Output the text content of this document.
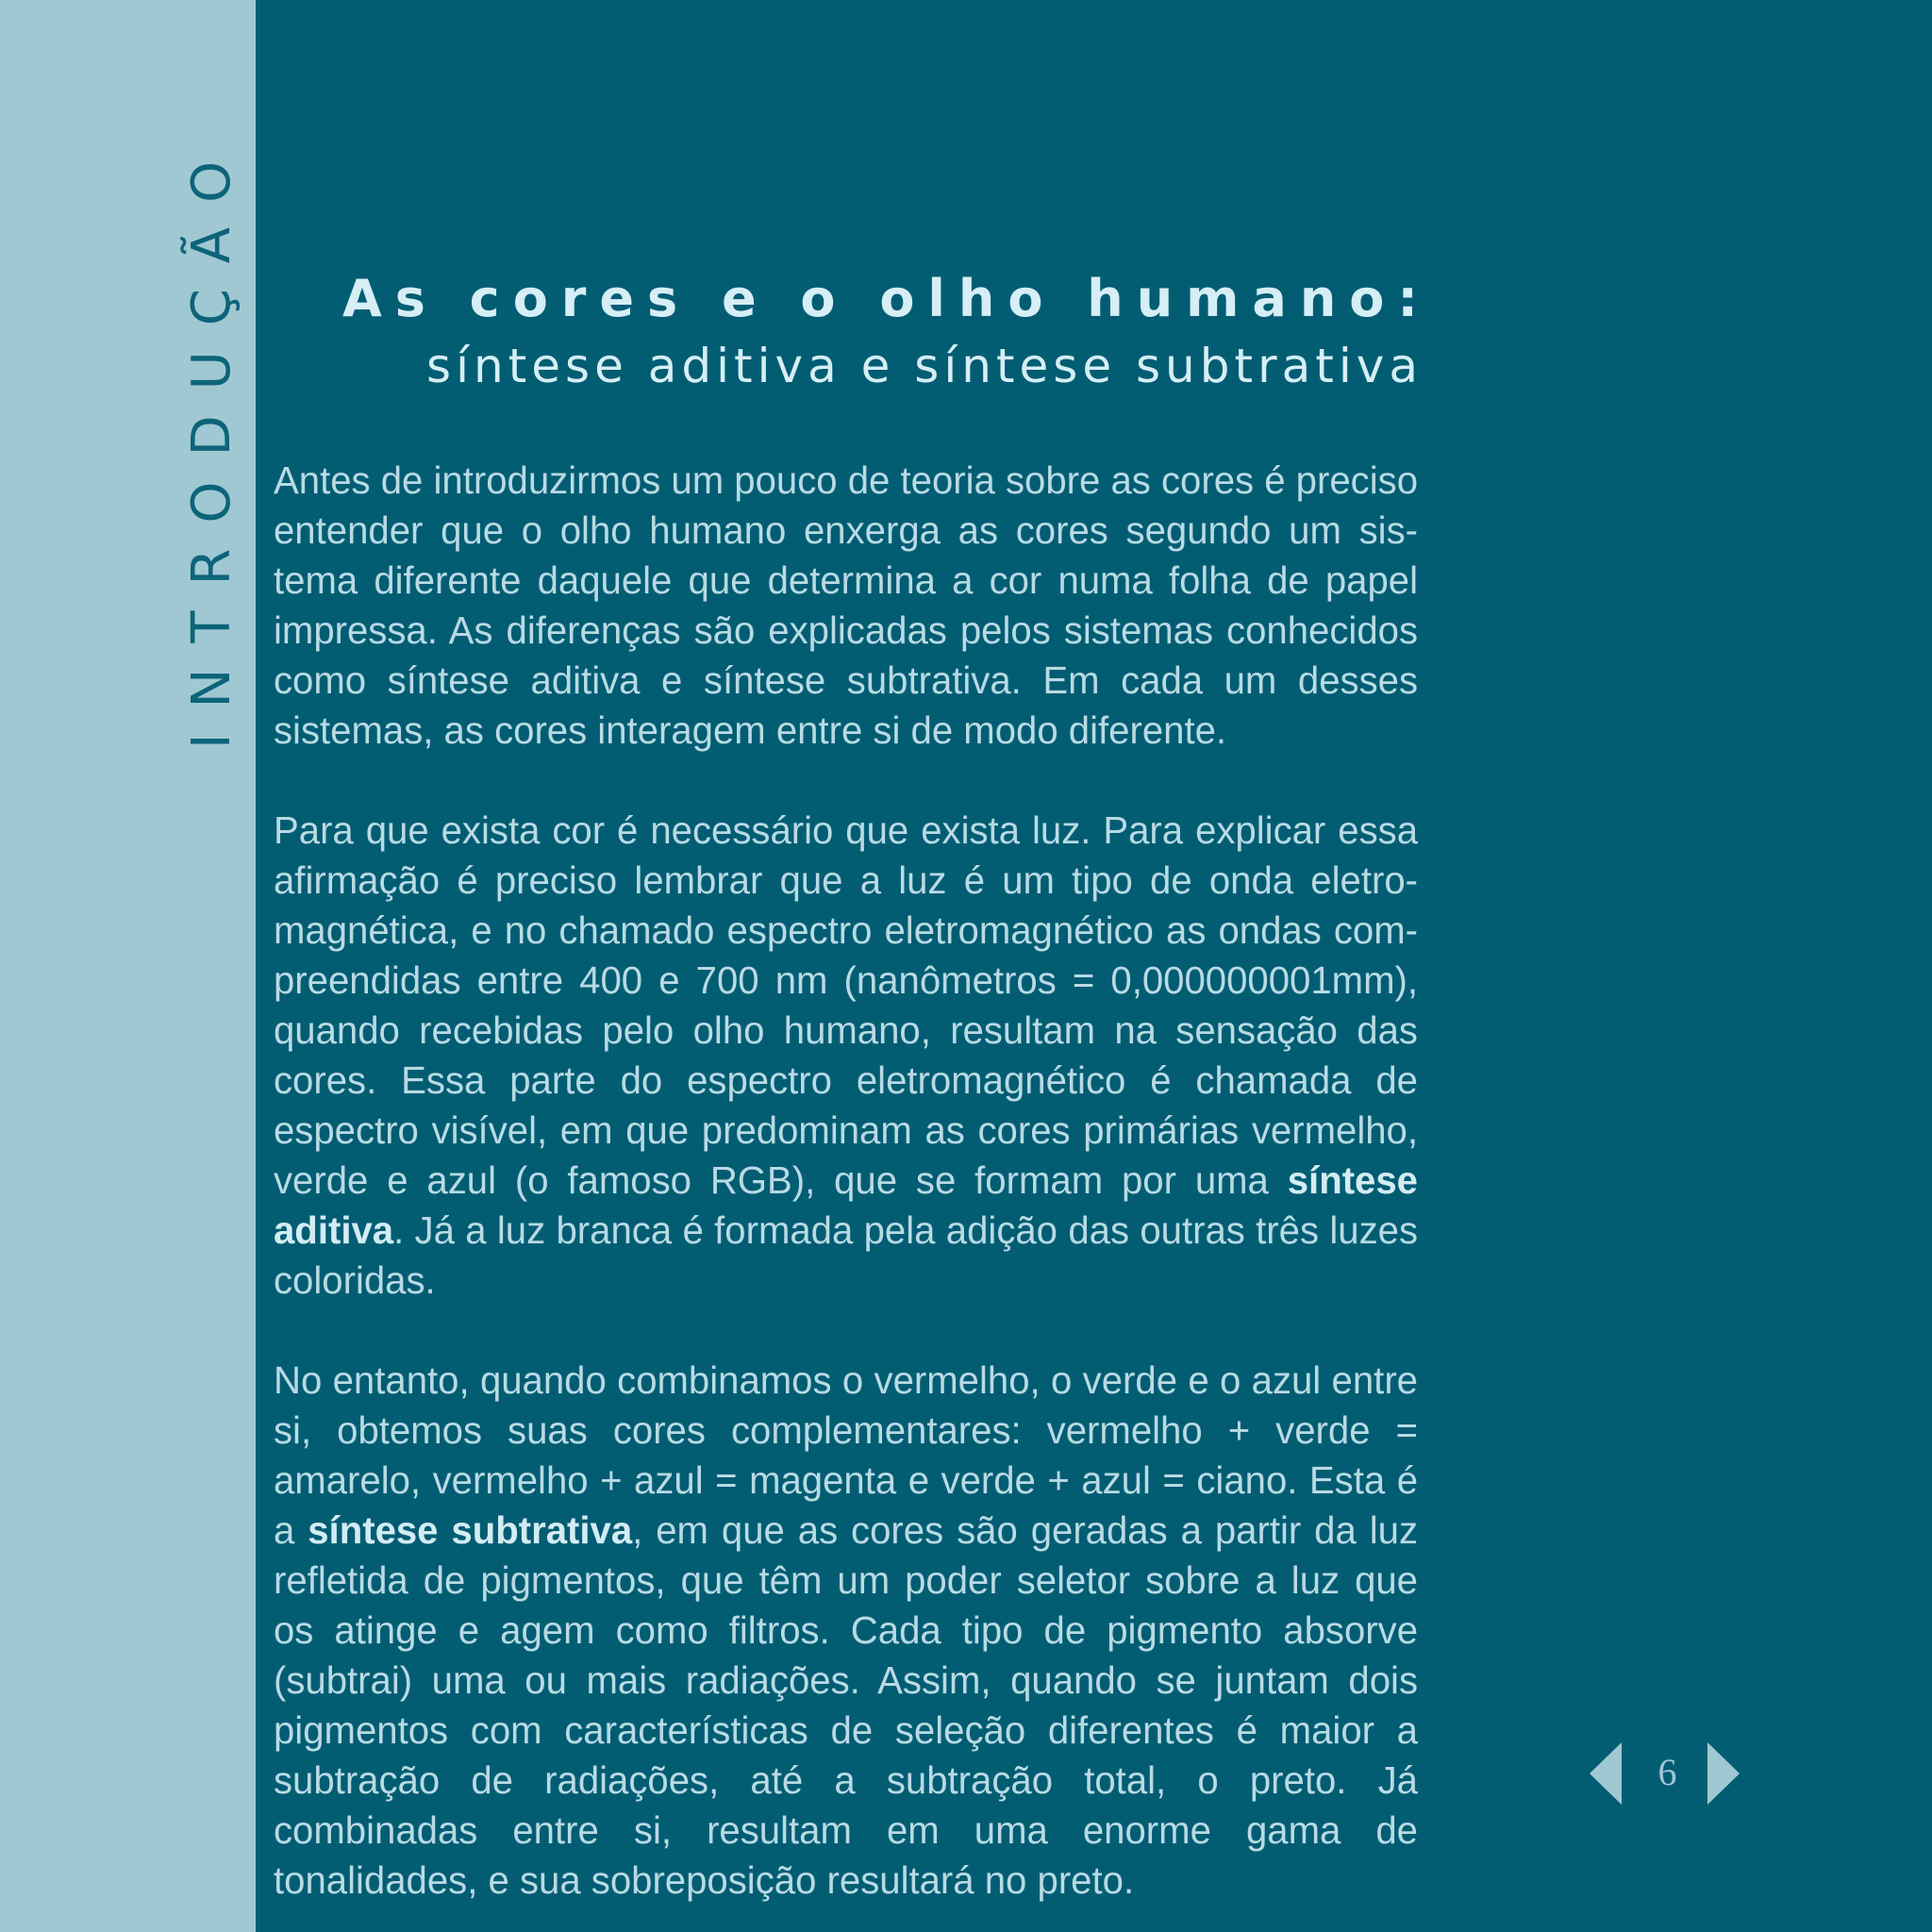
INTRODUÇÃO As cores e o olho humano:
síntese aditiva e síntese subtrativa

Antes de introduzirmos um pouco de teoria sobre as cores é preciso entender que o olho humano enxerga as cores segundo um sistema diferente daquele que determina a cor numa folha de papel impressa. As diferenças são explicadas pelos sistemas conhecidos como síntese aditiva e síntese subtrativa. Em cada um desses sistemas, as cores interagem entre si de modo diferente.

Para que exista cor é necessário que exista luz. Para explicar essa afirmação é preciso lembrar que a luz é um tipo de onda eletromagnética, e no chamado espectro eletromagnético as ondas compreendidas entre 400 e 700 nm (nanômetros = 0,000000001mm), quando recebidas pelo olho humano, resultam na sensação das cores. Essa parte do espectro eletromagnético é chamada de espectro visível, em que predominam as cores primárias vermelho, verde e azul (o famoso RGB), que se formam por uma síntese aditiva. Já a luz branca é formada pela adição das outras três luzes coloridas.

No entanto, quando combinamos o vermelho, o verde e o azul entre si, obtemos suas cores complementares: vermelho + verde = amarelo, vermelho + azul = magenta e verde + azul = ciano. Esta é a síntese subtrativa, em que as cores são geradas a partir da luz refletida de pigmentos, que têm um poder seletor sobre a luz que os atinge e agem como filtros. Cada tipo de pigmento absorve (subtrai) uma ou mais radiações. Assim, quando se juntam dois pigmentos com características de seleção diferentes é maior a subtração de radiações, até a subtração total, o preto. Já combinadas entre si, resultam em uma enorme gama de tonalidades, e sua sobreposição resultará no preto.

6
